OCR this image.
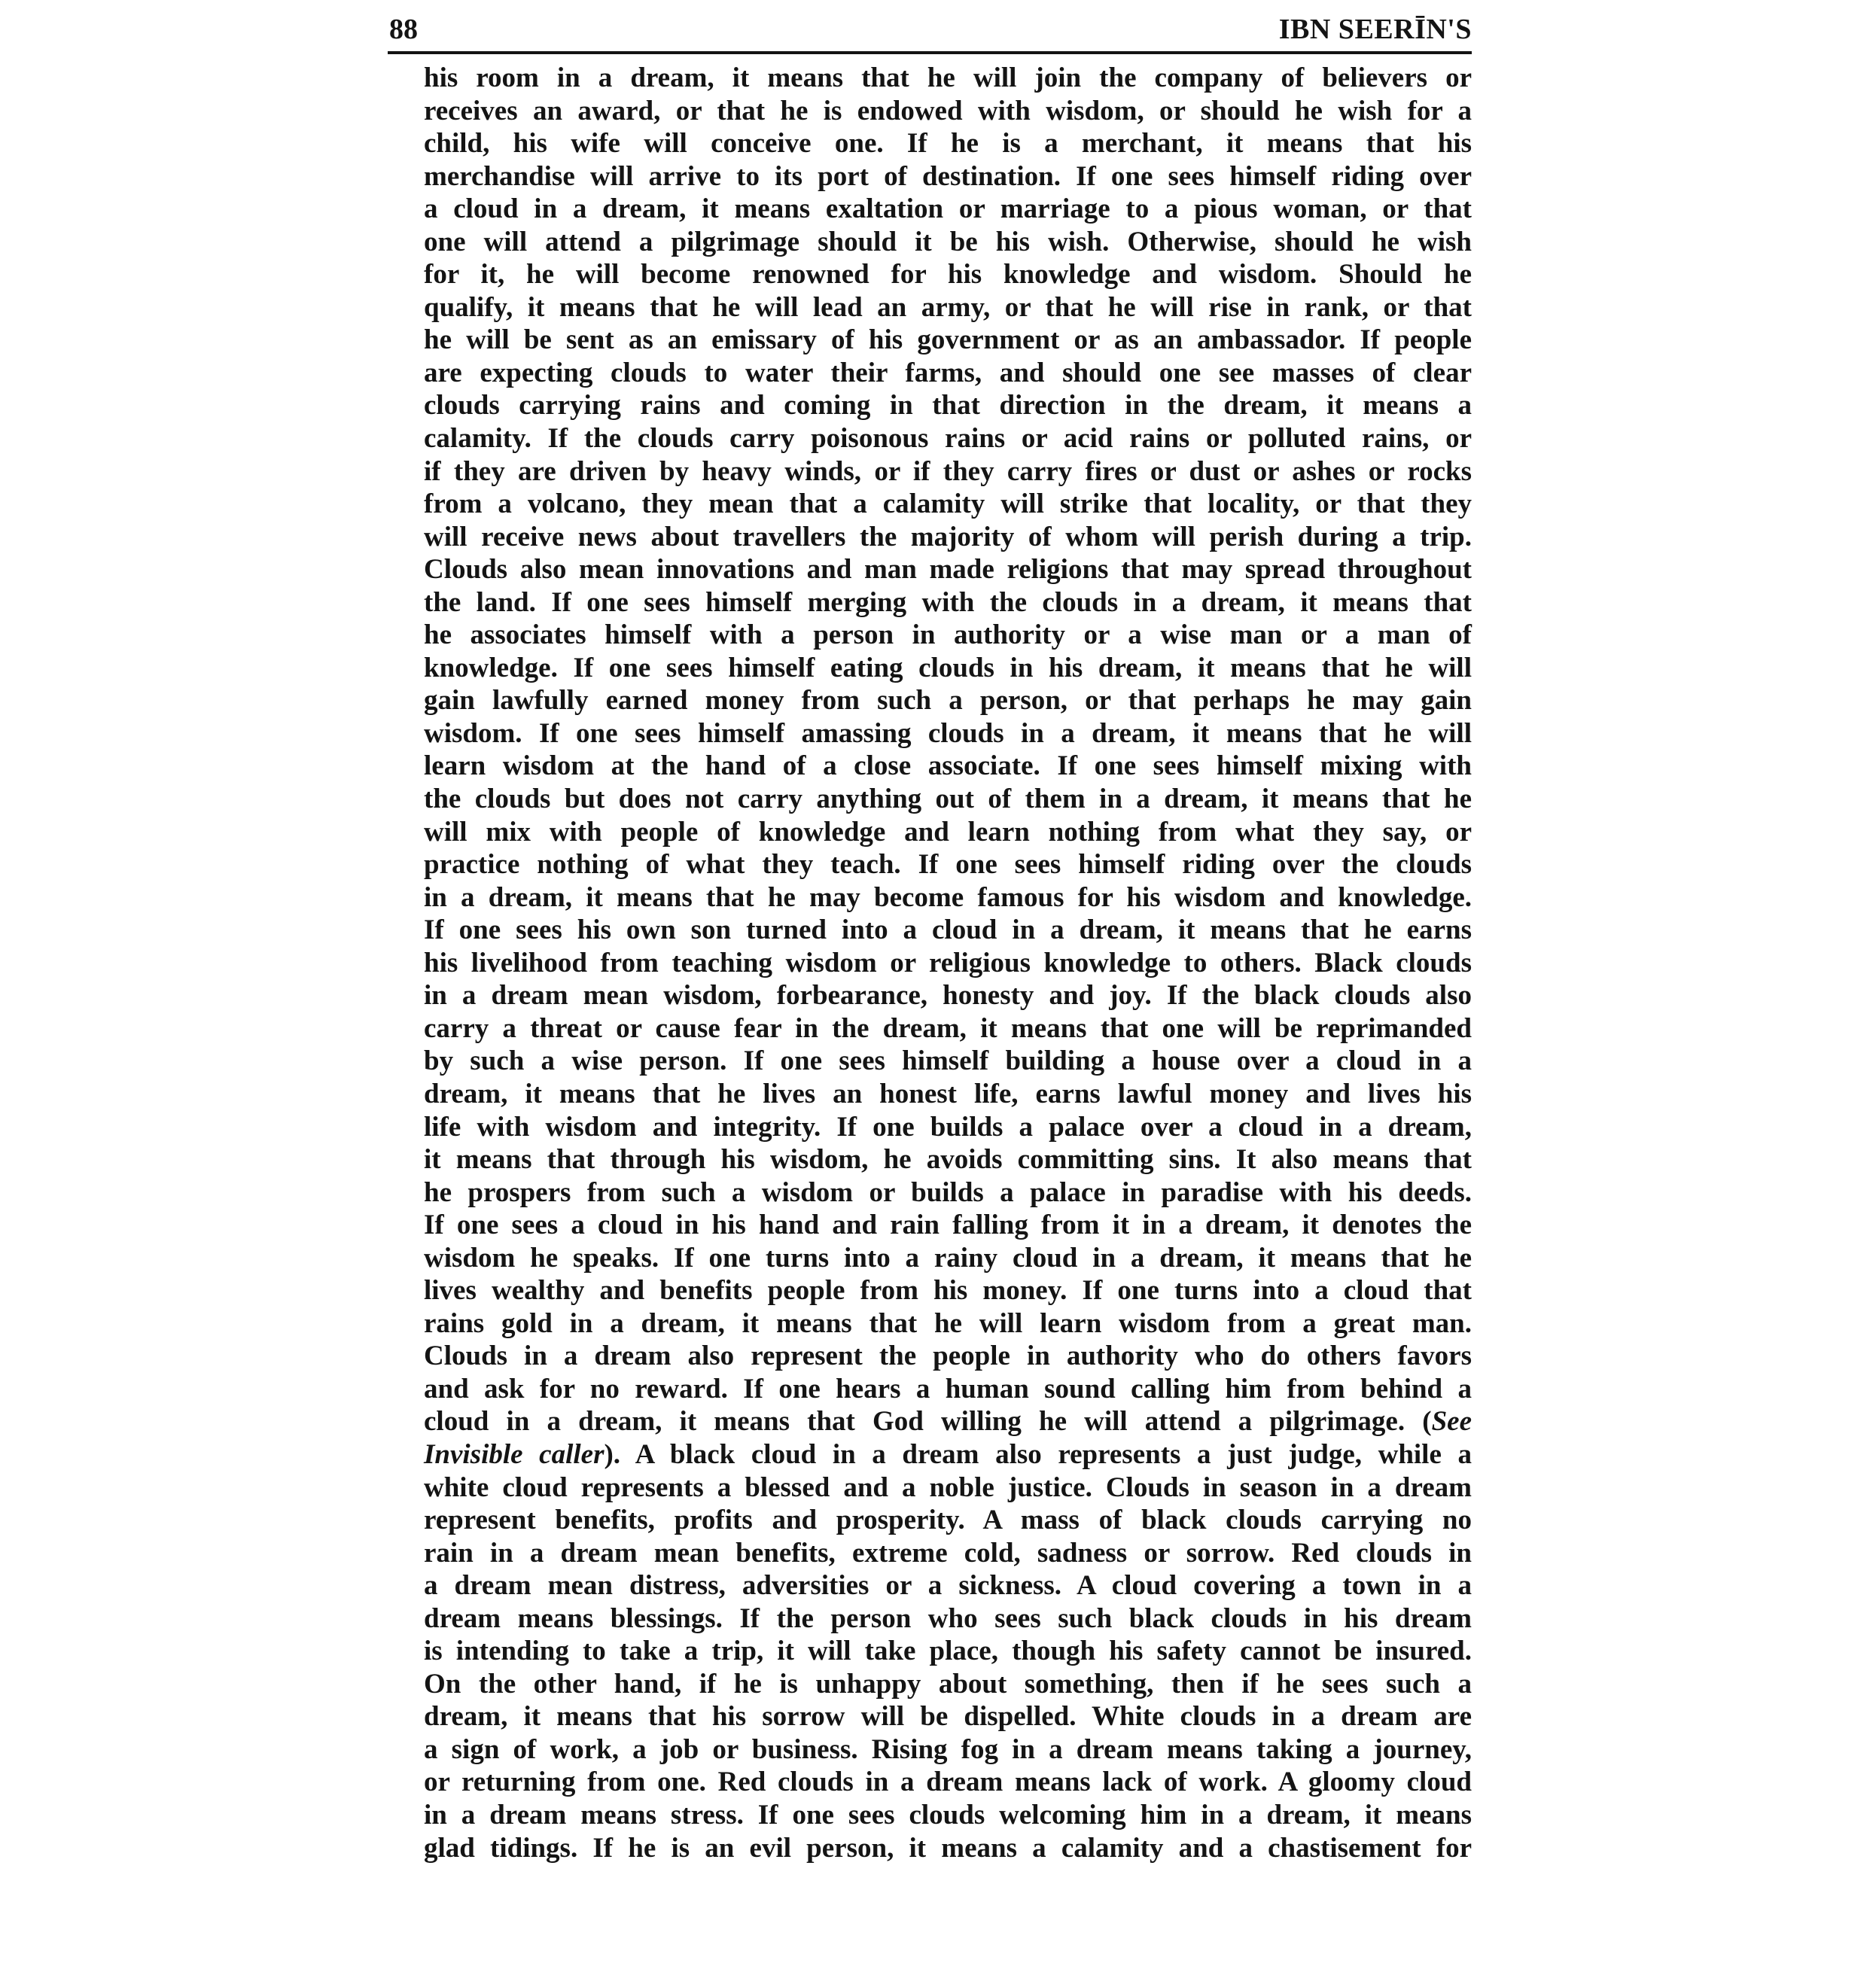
88	IBN SEERĪN'S
his room in a dream, it means that he will join the company of believers or
receives an award, or that he is endowed with wisdom, or should he wish for a
child, his wife will conceive one. If he is a merchant, it means that his
merchandise will arrive to its port of destination. If one sees himself riding over
a cloud in a dream, it means exaltation or marriage to a pious woman, or that
one will attend a pilgrimage should it be his wish. Otherwise, should he wish
for it, he will become renowned for his knowledge and wisdom. Should he
qualify, it means that he will lead an army, or that he will rise in rank, or that
he will be sent as an emissary of his government or as an ambassador. If people
are expecting clouds to water their farms, and should one see masses of clear
clouds carrying rains and coming in that direction in the dream, it means a
calamity. If the clouds carry poisonous rains or acid rains or polluted rains, or
if they are driven by heavy winds, or if they carry fires or dust or ashes or rocks
from a volcano, they mean that a calamity will strike that locality, or that they
will receive news about travellers the majority of whom will perish during a trip.
Clouds also mean innovations and man made religions that may spread throughout
the land. If one sees himself merging with the clouds in a dream, it means that
he associates himself with a person in authority or a wise man or a man of
knowledge. If one sees himself eating clouds in his dream, it means that he will
gain lawfully earned money from such a person, or that perhaps he may gain
wisdom. If one sees himself amassing clouds in a dream, it means that he will
learn wisdom at the hand of a close associate. If one sees himself mixing with
the clouds but does not carry anything out of them in a dream, it means that he
will mix with people of knowledge and learn nothing from what they say, or
practice nothing of what they teach. If one sees himself riding over the clouds
in a dream, it means that he may become famous for his wisdom and knowledge.
If one sees his own son turned into a cloud in a dream, it means that he earns
his livelihood from teaching wisdom or religious knowledge to others. Black clouds
in a dream mean wisdom, forbearance, honesty and joy. If the black clouds also
carry a threat or cause fear in the dream, it means that one will be reprimanded
by such a wise person. If one sees himself building a house over a cloud in a
dream, it means that he lives an honest life, earns lawful money and lives his
life with wisdom and integrity. If one builds a palace over a cloud in a dream,
it means that through his wisdom, he avoids committing sins. It also means that
he prospers from such a wisdom or builds a palace in paradise with his deeds.
If one sees a cloud in his hand and rain falling from it in a dream, it denotes the
wisdom he speaks. If one turns into a rainy cloud in a dream, it means that he
lives wealthy and benefits people from his money. If one turns into a cloud that
rains gold in a dream, it means that he will learn wisdom from a great man.
Clouds in a dream also represent the people in authority who do others favors
and ask for no reward. If one hears a human sound calling him from behind a
cloud in a dream, it means that God willing he will attend a pilgrimage. (See
Invisible caller). A black cloud in a dream also represents a just judge, while a
white cloud represents a blessed and a noble justice. Clouds in season in a dream
represent benefits, profits and prosperity. A mass of black clouds carrying no
rain in a dream mean benefits, extreme cold, sadness or sorrow. Red clouds in
a dream mean distress, adversities or a sickness. A cloud covering a town in a
dream means blessings. If the person who sees such black clouds in his dream
is intending to take a trip, it will take place, though his safety cannot be insured.
On the other hand, if he is unhappy about something, then if he sees such a
dream, it means that his sorrow will be dispelled. White clouds in a dream are
a sign of work, a job or business. Rising fog in a dream means taking a journey,
or returning from one. Red clouds in a dream means lack of work. A gloomy cloud
in a dream means stress. If one sees clouds welcoming him in a dream, it means
glad tidings. If he is an evil person, it means a calamity and a chastisement for
